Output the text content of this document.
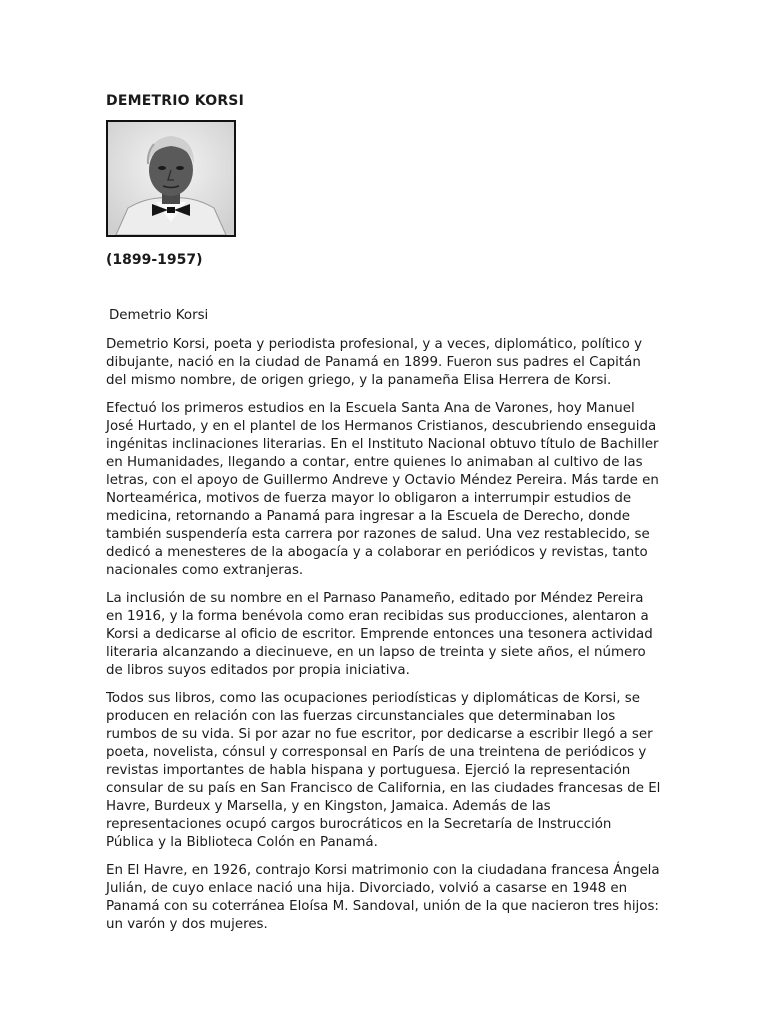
DEMETRIO KORSI
(1899-1957)
Demetrio Korsi
Demetrio Korsi, poeta y periodista profesional, y a veces, diplomático, político y dibujante, nació en la ciudad de Panamá en 1899. Fueron sus padres el Capitán del mismo nombre, de origen griego, y la panameña Elisa Herrera de Korsi.
Efectuó los primeros estudios en la Escuela Santa Ana de Varones, hoy Manuel José Hurtado, y en el plantel de los Hermanos Cristianos, descubriendo enseguida ingénitas inclinaciones literarias. En el Instituto Nacional obtuvo título de Bachiller en Humanidades, llegando a contar, entre quienes lo animaban al cultivo de las letras, con el apoyo de Guillermo Andreve y Octavio Méndez Pereira. Más tarde en Norteamérica, motivos de fuerza mayor lo obligaron a interrumpir estudios de medicina, retornando a Panamá para ingresar a la Escuela de Derecho, donde también suspendería esta carrera por razones de salud. Una vez restablecido, se dedicó a menesteres de la abogacía y a colaborar en periódicos y revistas, tanto nacionales como extranjeras.
La inclusión de su nombre en el Parnaso Panameño, editado por Méndez Pereira en 1916, y la forma benévola como eran recibidas sus producciones, alentaron a Korsi a dedicarse al oficio de escritor. Emprende entonces una tesonera actividad literaria alcanzando a diecinueve, en un lapso de treinta y siete años, el número de libros suyos editados por propia iniciativa.
Todos sus libros, como las ocupaciones periodísticas y diplomáticas de Korsi, se producen en relación con las fuerzas circunstanciales que determinaban los rumbos de su vida. Si por azar no fue escritor, por dedicarse a escribir llegó a ser poeta, novelista, cónsul y corresponsal en París de una treintena de periódicos y revistas importantes de habla hispana y portuguesa. Ejerció la representación consular de su país en San Francisco de California, en las ciudades francesas de El Havre, Burdeux y Marsella, y en Kingston, Jamaica. Además de las representaciones ocupó cargos burocráticos en la Secretaría de Instrucción Pública y la Biblioteca Colón en Panamá.
En El Havre, en 1926, contrajo Korsi matrimonio con la ciudadana francesa Ángela Julián, de cuyo enlace nació una hija. Divorciado, volvió a casarse en 1948 en Panamá con su coterránea Eloísa M. Sandoval, unión de la que nacieron tres hijos: un varón y dos mujeres.
